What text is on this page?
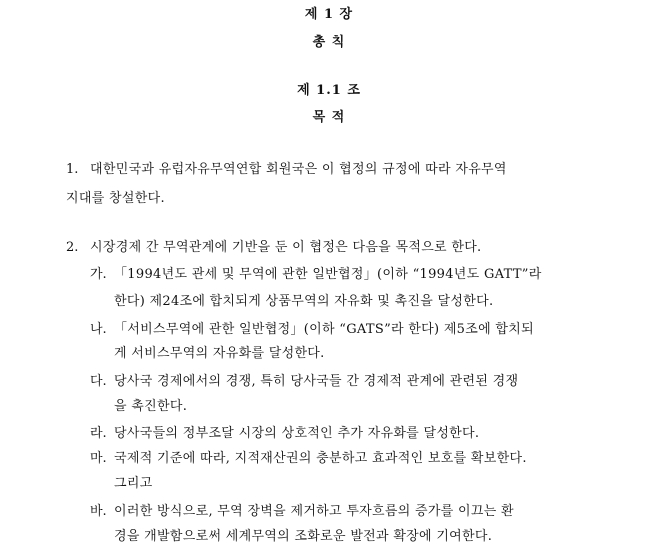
제 1 장
총 칙
제 1.1 조
목 적
1. 대한민국과 유럽자유무역연합 회원국은 이 협정의 규정에 따라 자유무역
지대를 창설한다.
2. 시장경제 간 무역관계에 기반을 둔 이 협정은 다음을 목적으로 한다.
가. 「1994년도 관세 및 무역에 관한 일반협정」(이하 “1994년도 GATT”라
한다) 제24조에 합치되게 상품무역의 자유화 및 촉진을 달성한다.
나. 「서비스무역에 관한 일반협정」(이하 “GATS”라 한다) 제5조에 합치되
게 서비스무역의 자유화를 달성한다.
다. 당사국 경제에서의 경쟁, 특히 당사국들 간 경제적 관계에 관련된 경쟁
을 촉진한다.
라. 당사국들의 정부조달 시장의 상호적인 추가 자유화를 달성한다.
마. 국제적 기준에 따라, 지적재산권의 충분하고 효과적인 보호를 확보한다.
그리고
바. 이러한 방식으로, 무역 장벽을 제거하고 투자흐름의 증가를 이끄는 환
경을 개발함으로써 세계무역의 조화로운 발전과 확장에 기여한다.
